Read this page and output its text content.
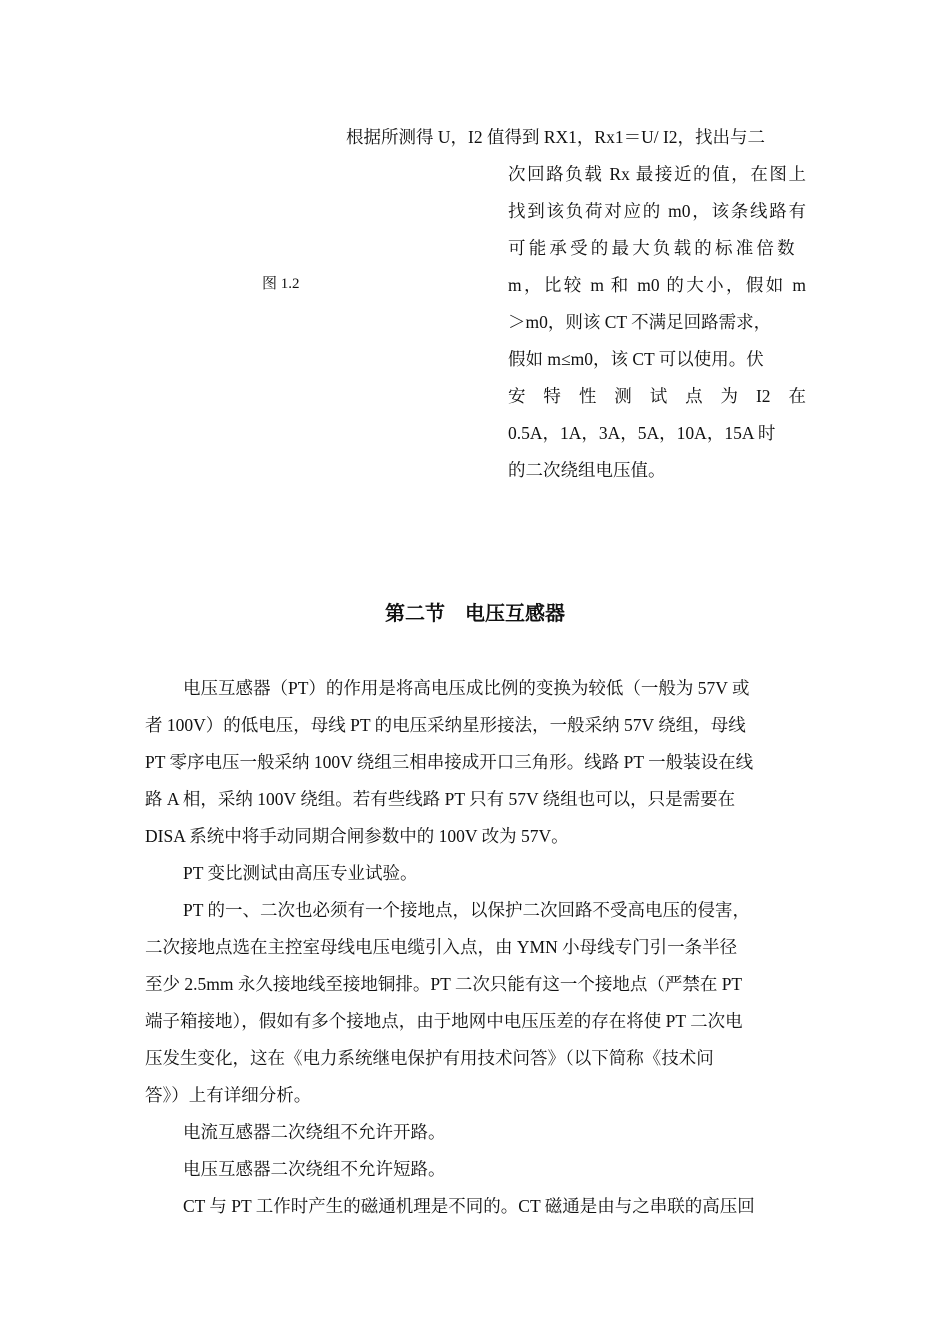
根据所测得 U，I2 值得到 RX1，Rx1＝U/ I2，找出与二
次回路负载 Rx 最接近的值，在图上
找到该负荷对应的 m0，该条线路有
可能承受的最大负载的标准倍数
m，比较 m 和 m0 的大小，假如 m
＞m0，则该 CT 不满足回路需求，
假如 m≤m0，该 CT 可以使用。伏
安 特 性 测 试 点 为 I2 在
0.5A，1A，3A，5A，10A，15A 时
的二次绕组电压值。
图 1.2
第二节　电压互感器
电压互感器（PT）的作用是将高电压成比例的变换为较低（一般为 57V 或
者 100V）的低电压，母线 PT 的电压采纳星形接法，一般采纳 57V 绕组，母线
PT 零序电压一般采纳 100V 绕组三相串接成开口三角形。线路 PT 一般装设在线
路 A 相，采纳 100V 绕组。若有些线路 PT 只有 57V 绕组也可以，只是需要在
DISA 系统中将手动同期合闸参数中的 100V 改为 57V。
PT 变比测试由高压专业试验。
PT 的一、二次也必须有一个接地点，以保护二次回路不受高电压的侵害，
二次接地点选在主控室母线电压电缆引入点，由 YMN 小母线专门引一条半径
至少 2.5mm 永久接地线至接地铜排。PT 二次只能有这一个接地点（严禁在 PT
端子箱接地），假如有多个接地点，由于地网中电压压差的存在将使 PT 二次电
压发生变化，这在《电力系统继电保护有用技术问答》（以下简称《技术问
答》）上有详细分析。
电流互感器二次绕组不允许开路。
电压互感器二次绕组不允许短路。
CT 与 PT 工作时产生的磁通机理是不同的。CT 磁通是由与之串联的高压回
